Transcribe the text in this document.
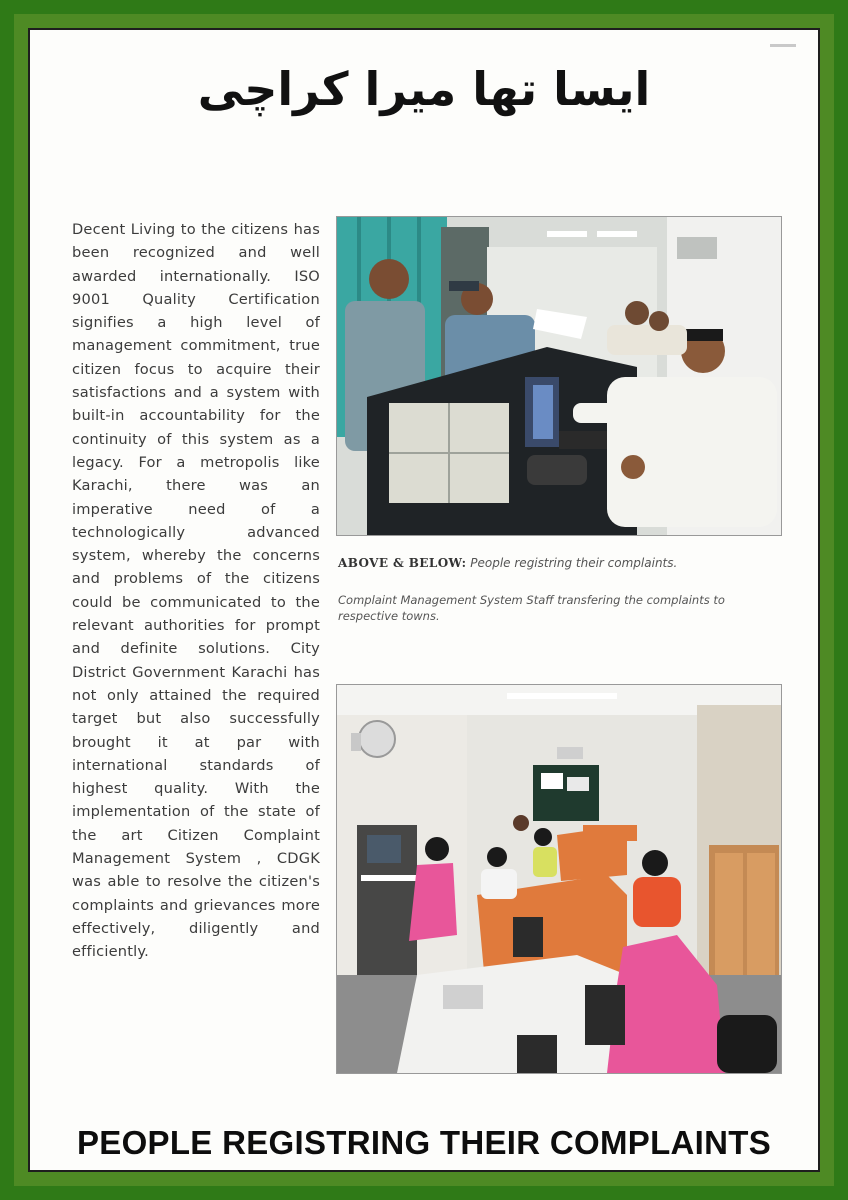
ایسا تھا میرا کراچی

Decent Living to the citizens has been recognized and well awarded internationally. ISO 9001 Quality Certification signifies a high level of management commitment, true citizen focus to acquire their satisfactions and a system with built-in accountability for the continuity of this system as a legacy. For a metropolis like Karachi, there was an imperative need of a technologically advanced system, whereby the concerns and problems of the citizens could be communicated to the relevant authorities for prompt and definite solutions. City District Government Karachi has not only attained the required target but also successfully brought it at par with international standards of highest quality. With the implementation of the state of the art Citizen Complaint Management System , CDGK was able to resolve the citizen's complaints and grievances more effectively, diligently and efficiently.

ABOVE & BELOW: People registring their complaints.

Complaint Management System Staff transfering the complaints to respective towns.

PEOPLE REGISTRING THEIR COMPLAINTS
